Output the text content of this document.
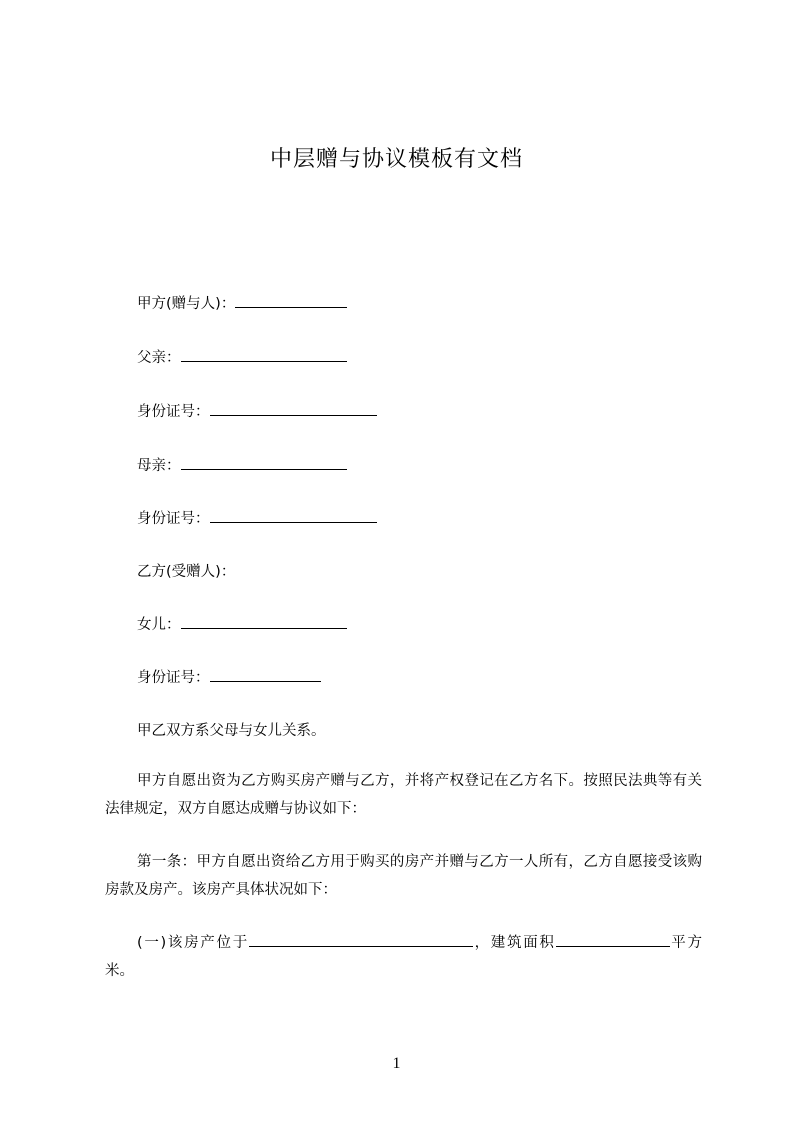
中层赠与协议模板有文档
甲方(赠与人)：
父亲：
身份证号：
母亲：
身份证号：
乙方(受赠人)：
女儿：
身份证号：
甲乙双方系父母与女儿关系。
甲方自愿出资为乙方购买房产赠与乙方，并将产权登记在乙方名下。按照民法典等有关法律规定，双方自愿达成赠与协议如下：
第一条：甲方自愿出资给乙方用于购买的房产并赠与乙方一人所有，乙方自愿接受该购房款及房产。该房产具体状况如下：
(一)该房产位于	，建筑面积	平方米。
1
